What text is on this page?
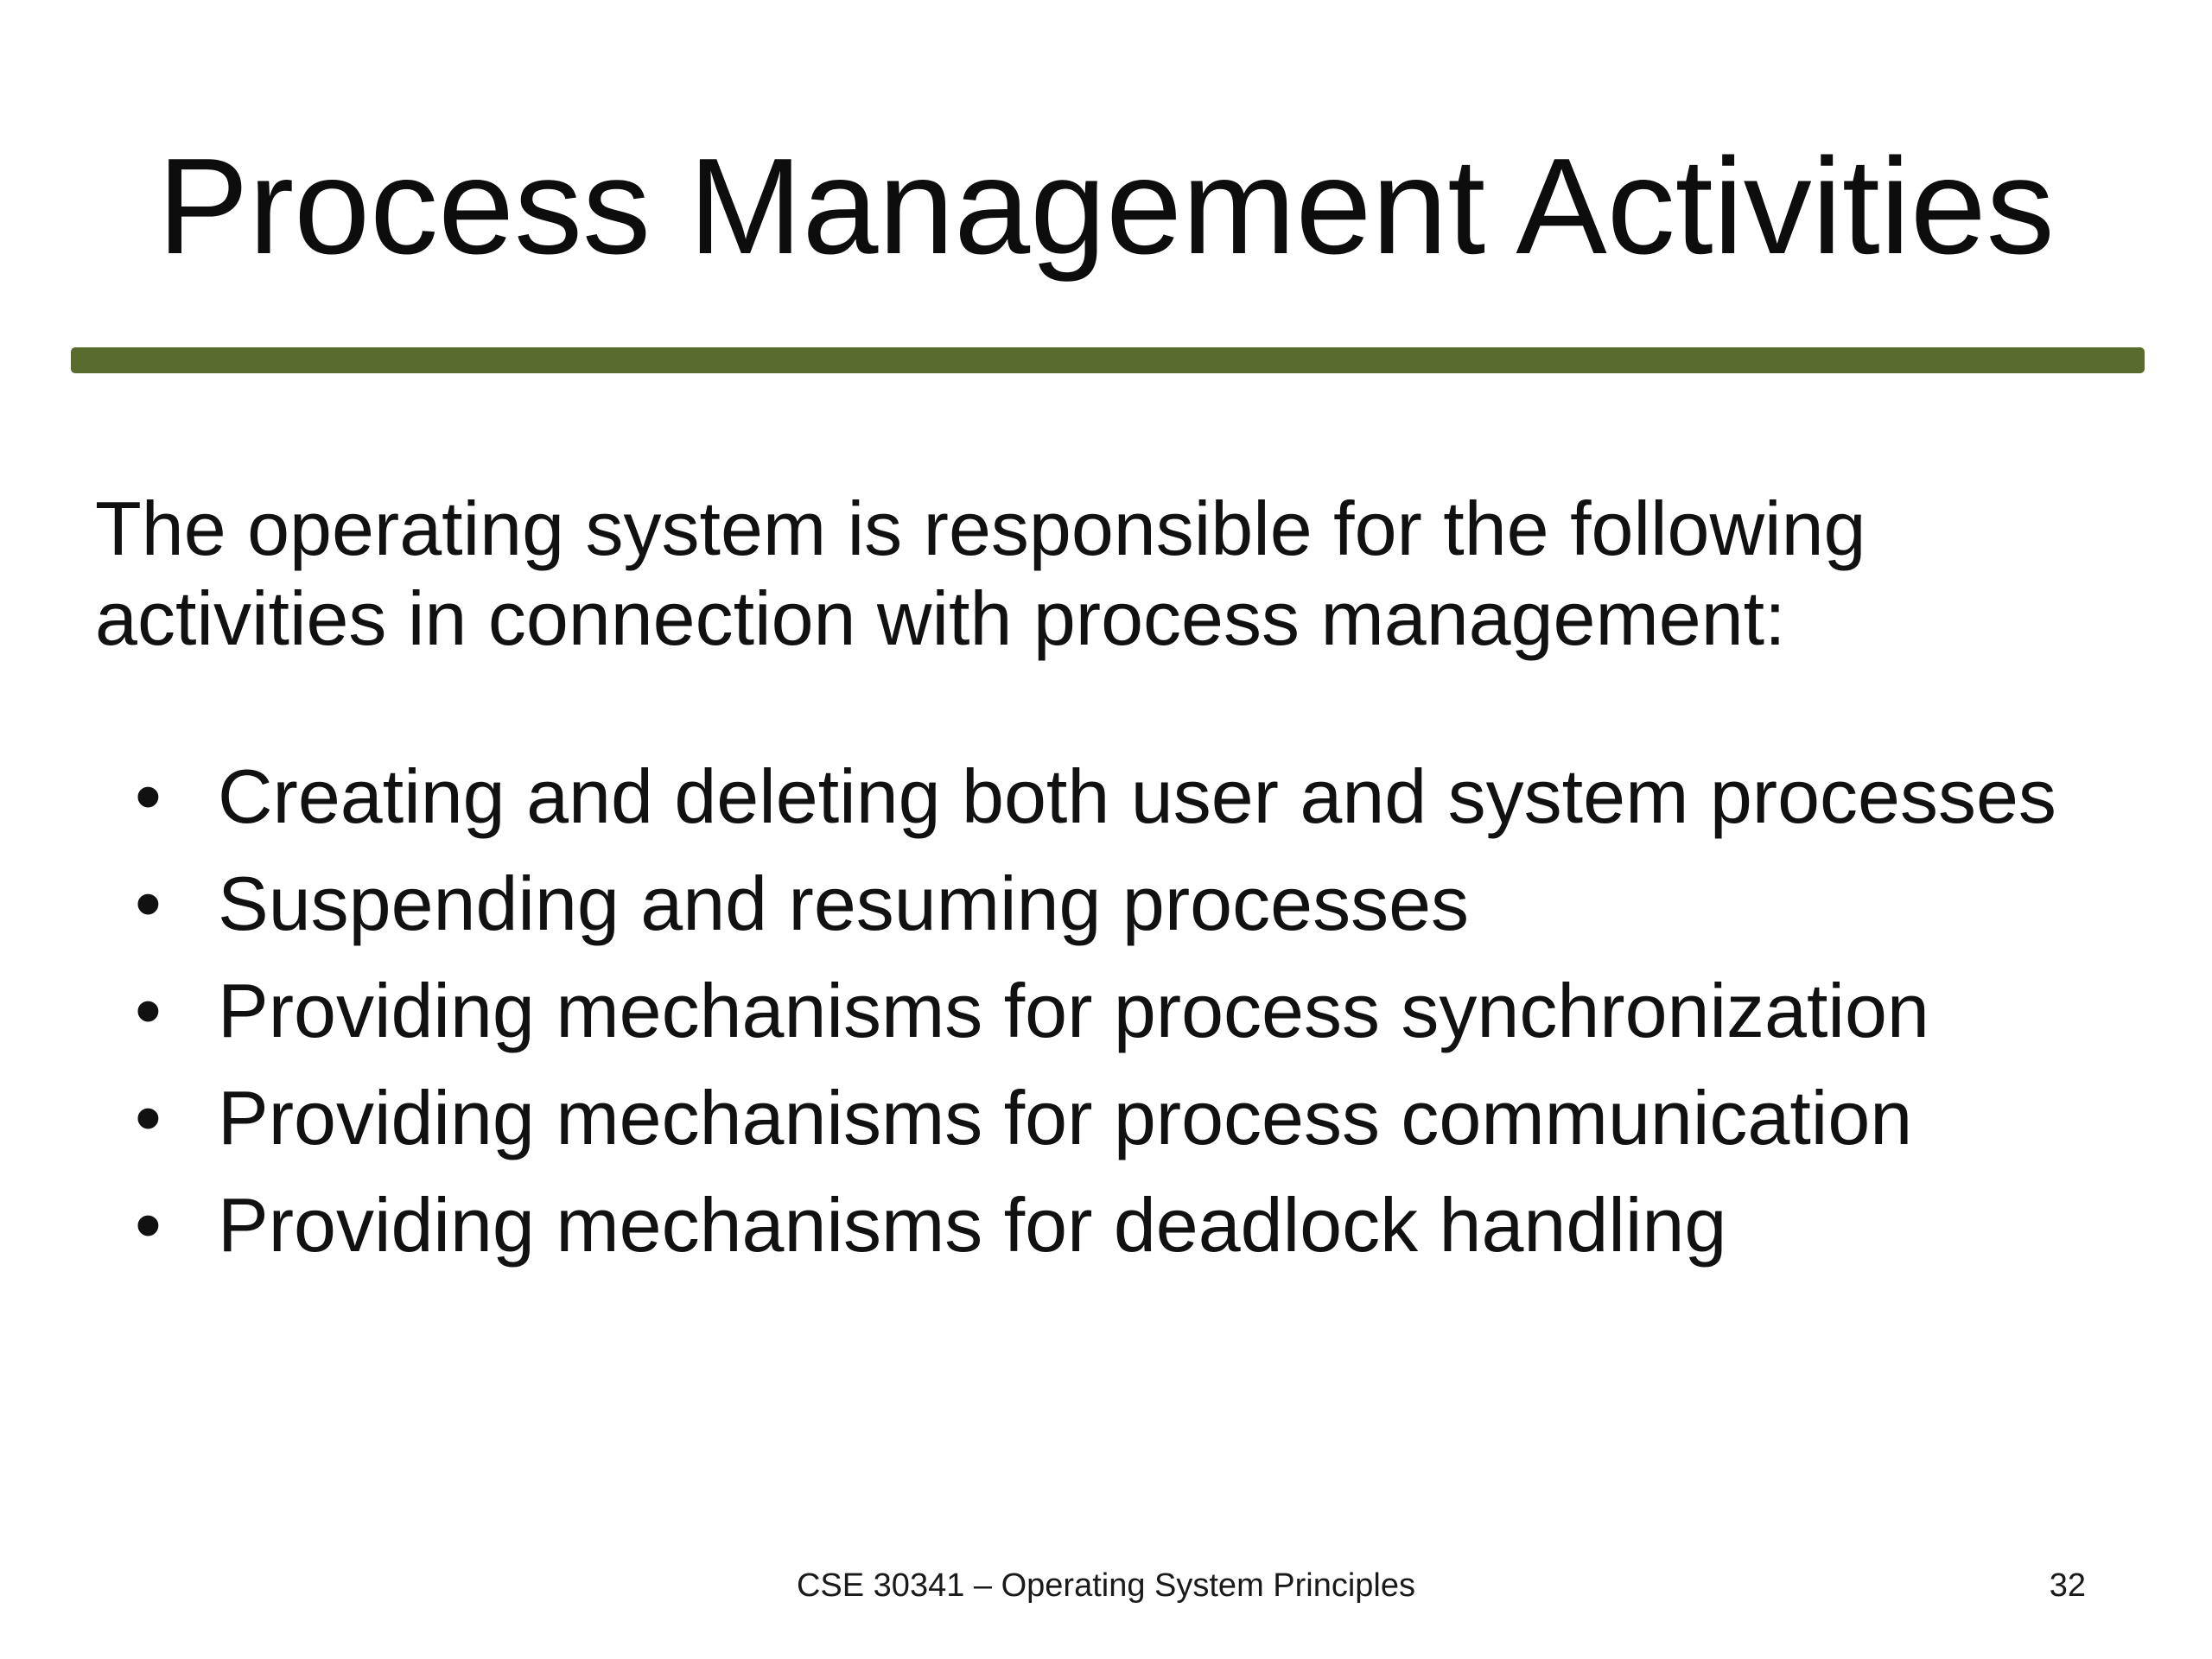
Process Management Activities
The operating system is responsible for the following
activities in connection with process management:
• Creating and deleting both user and system processes
• Suspending and resuming processes
• Providing mechanisms for process synchronization
• Providing mechanisms for process communication
• Providing mechanisms for deadlock handling
CSE 30341 – Operating System Principles	32
